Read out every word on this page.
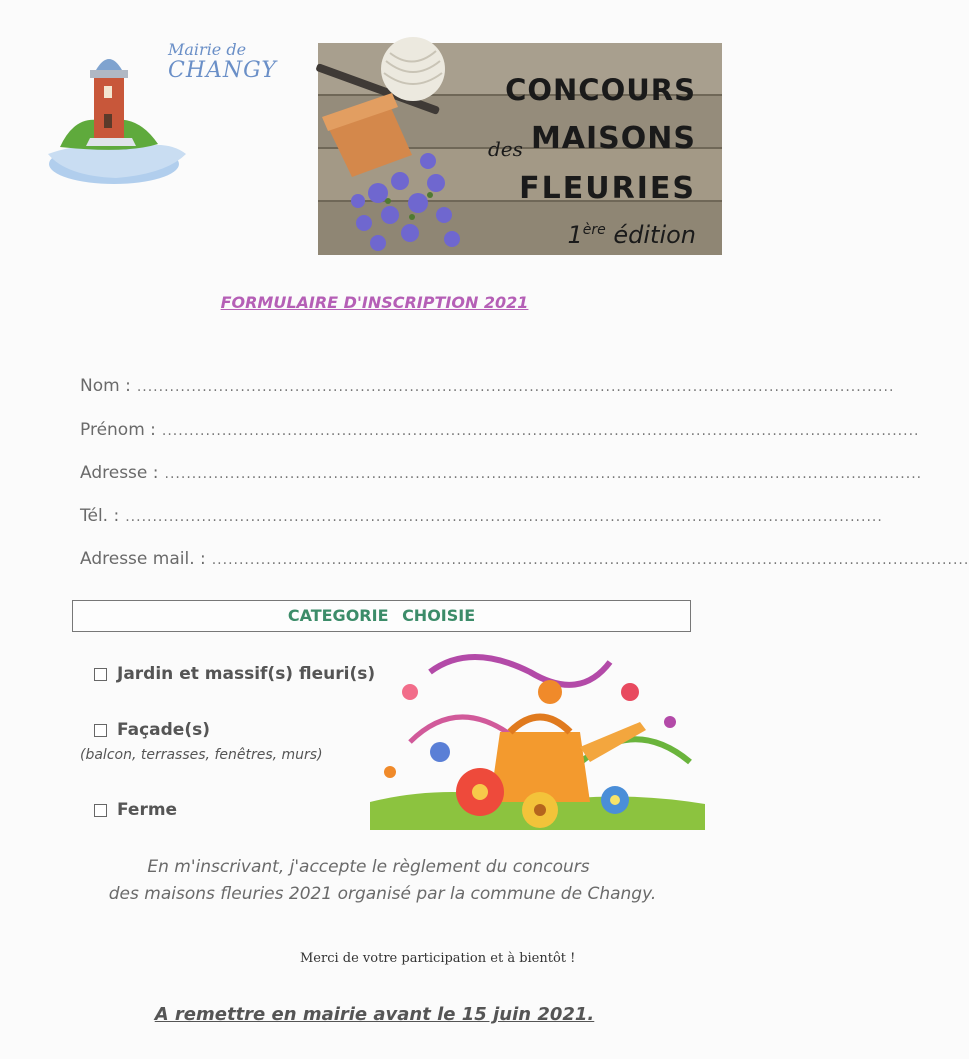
Mairie de
CHANGY
CONCOURS
des MAISONS
FLEURIES
1ère édition
FORMULAIRE D'INSCRIPTION 2021
Nom : ...........................................................................................................................................
Prénom : ...........................................................................................................................................
Adresse : ...........................................................................................................................................
Tél. : ...........................................................................................................................................
Adresse mail. : ...........................................................................................................................................
CATEGORIE CHOISIE
Jardin et massif(s) fleuri(s)
Façade(s)
(balcon, terrasses, fenêtres, murs)
Ferme
En m'inscrivant, j'accepte le règlement du concours
des maisons fleuries 2021 organisé par la commune de Changy.
Merci de votre participation et à bientôt !
A remettre en mairie avant le 15 juin 2021.
